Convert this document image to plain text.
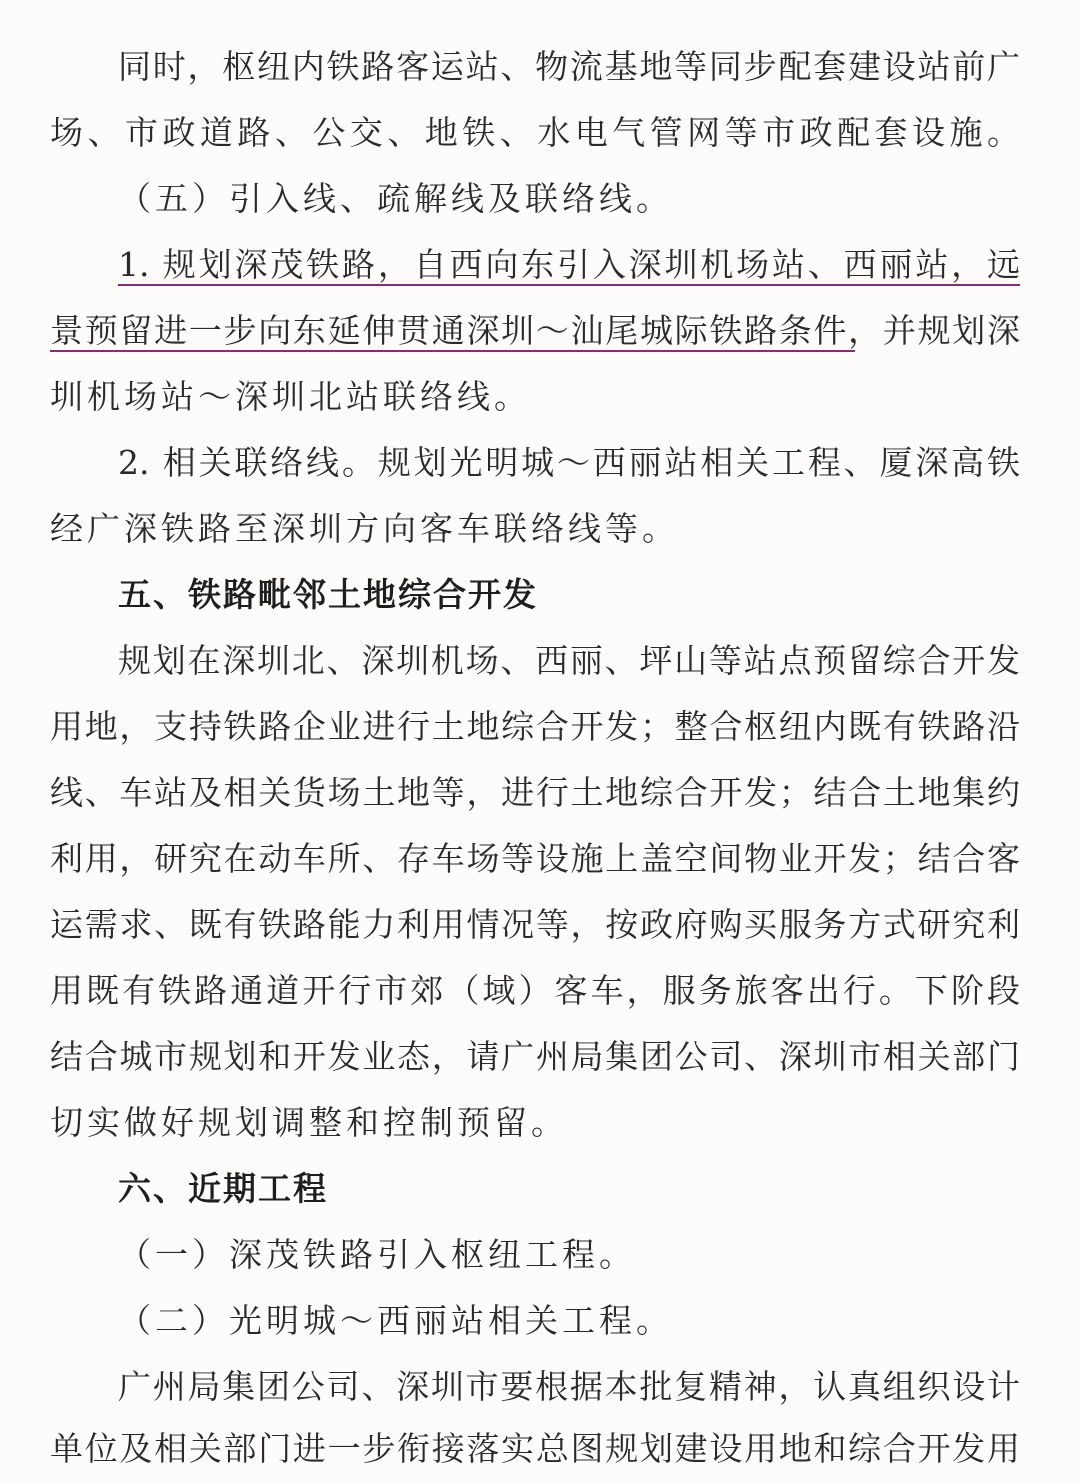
同时，枢纽内铁路客运站、物流基地等同步配套建设站前广
场、市政道路、公交、地铁、水电气管网等市政配套设施。
（五）引入线、疏解线及联络线。
1. 规划深茂铁路，自西向东引入深圳机场站、西丽站，远
景预留进一步向东延伸贯通深圳～汕尾城际铁路条件，并规划深
圳机场站～深圳北站联络线。
2. 相关联络线。规划光明城～西丽站相关工程、厦深高铁
经广深铁路至深圳方向客车联络线等。
五、铁路毗邻土地综合开发
规划在深圳北、深圳机场、西丽、坪山等站点预留综合开发
用地，支持铁路企业进行土地综合开发；整合枢纽内既有铁路沿
线、车站及相关货场土地等，进行土地综合开发；结合土地集约
利用，研究在动车所、存车场等设施上盖空间物业开发；结合客
运需求、既有铁路能力利用情况等，按政府购买服务方式研究利
用既有铁路通道开行市郊（域）客车，服务旅客出行。下阶段
结合城市规划和开发业态，请广州局集团公司、深圳市相关部门
切实做好规划调整和控制预留。
六、近期工程
（一）深茂铁路引入枢纽工程。
（二）光明城～西丽站相关工程。
广州局集团公司、深圳市要根据本批复精神，认真组织设计
单位及相关部门进一步衔接落实总图规划建设用地和综合开发用
